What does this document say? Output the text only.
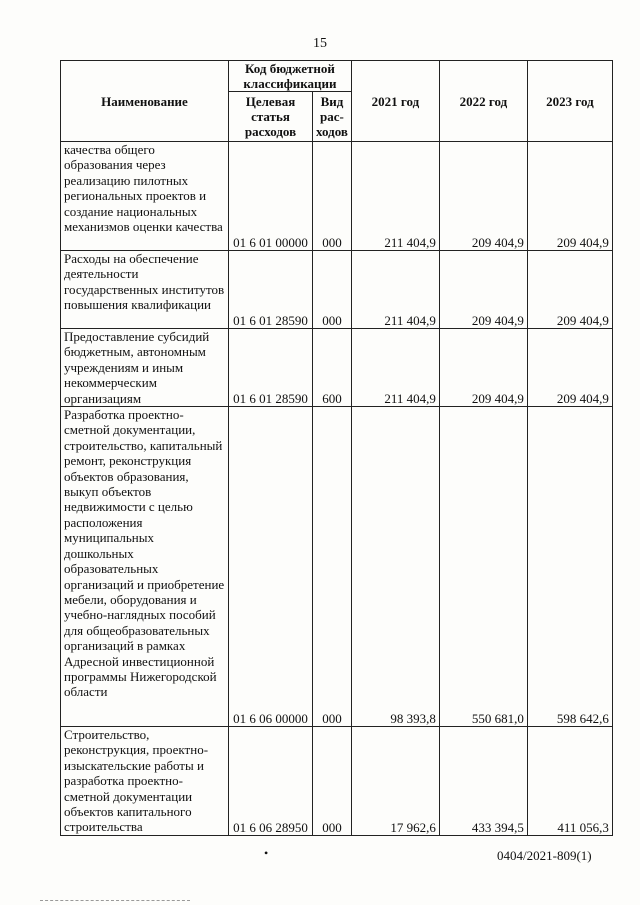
15
Наименование	Код бюджетной классификации		2021 год	2022 год	2023 год
	Целевая статья расходов	Вид рас-ходов			
качества общего образования через реализацию пилотных региональных проектов и создание национальных механизмов оценки качества	01 6 01 00000	000	211 404,9	209 404,9	209 404,9
Расходы на обеспечение деятельности государственных институтов повышения квалификации	01 6 01 28590	000	211 404,9	209 404,9	209 404,9
Предоставление субсидий бюджетным, автономным учреждениям и иным некоммерческим организациям	01 6 01 28590	600	211 404,9	209 404,9	209 404,9
Разработка проектно-сметной документации, строительство, капитальный ремонт, реконструкция объектов образования, выкуп объектов недвижимости с целью расположения муниципальных дошкольных образовательных организаций и приобретение мебели, оборудования и учебно-наглядных пособий для общеобразовательных организаций в рамках Адресной инвестиционной программы Нижегородской области	01 6 06 00000	000	98 393,8	550 681,0	598 642,6
Строительство, реконструкция, проектно-изыскательские работы и разработка проектно-сметной документации объектов капитального строительства	01 6 06 28950	000	17 962,6	433 394,5	411 056,3
•	0404/2021-809(1)
